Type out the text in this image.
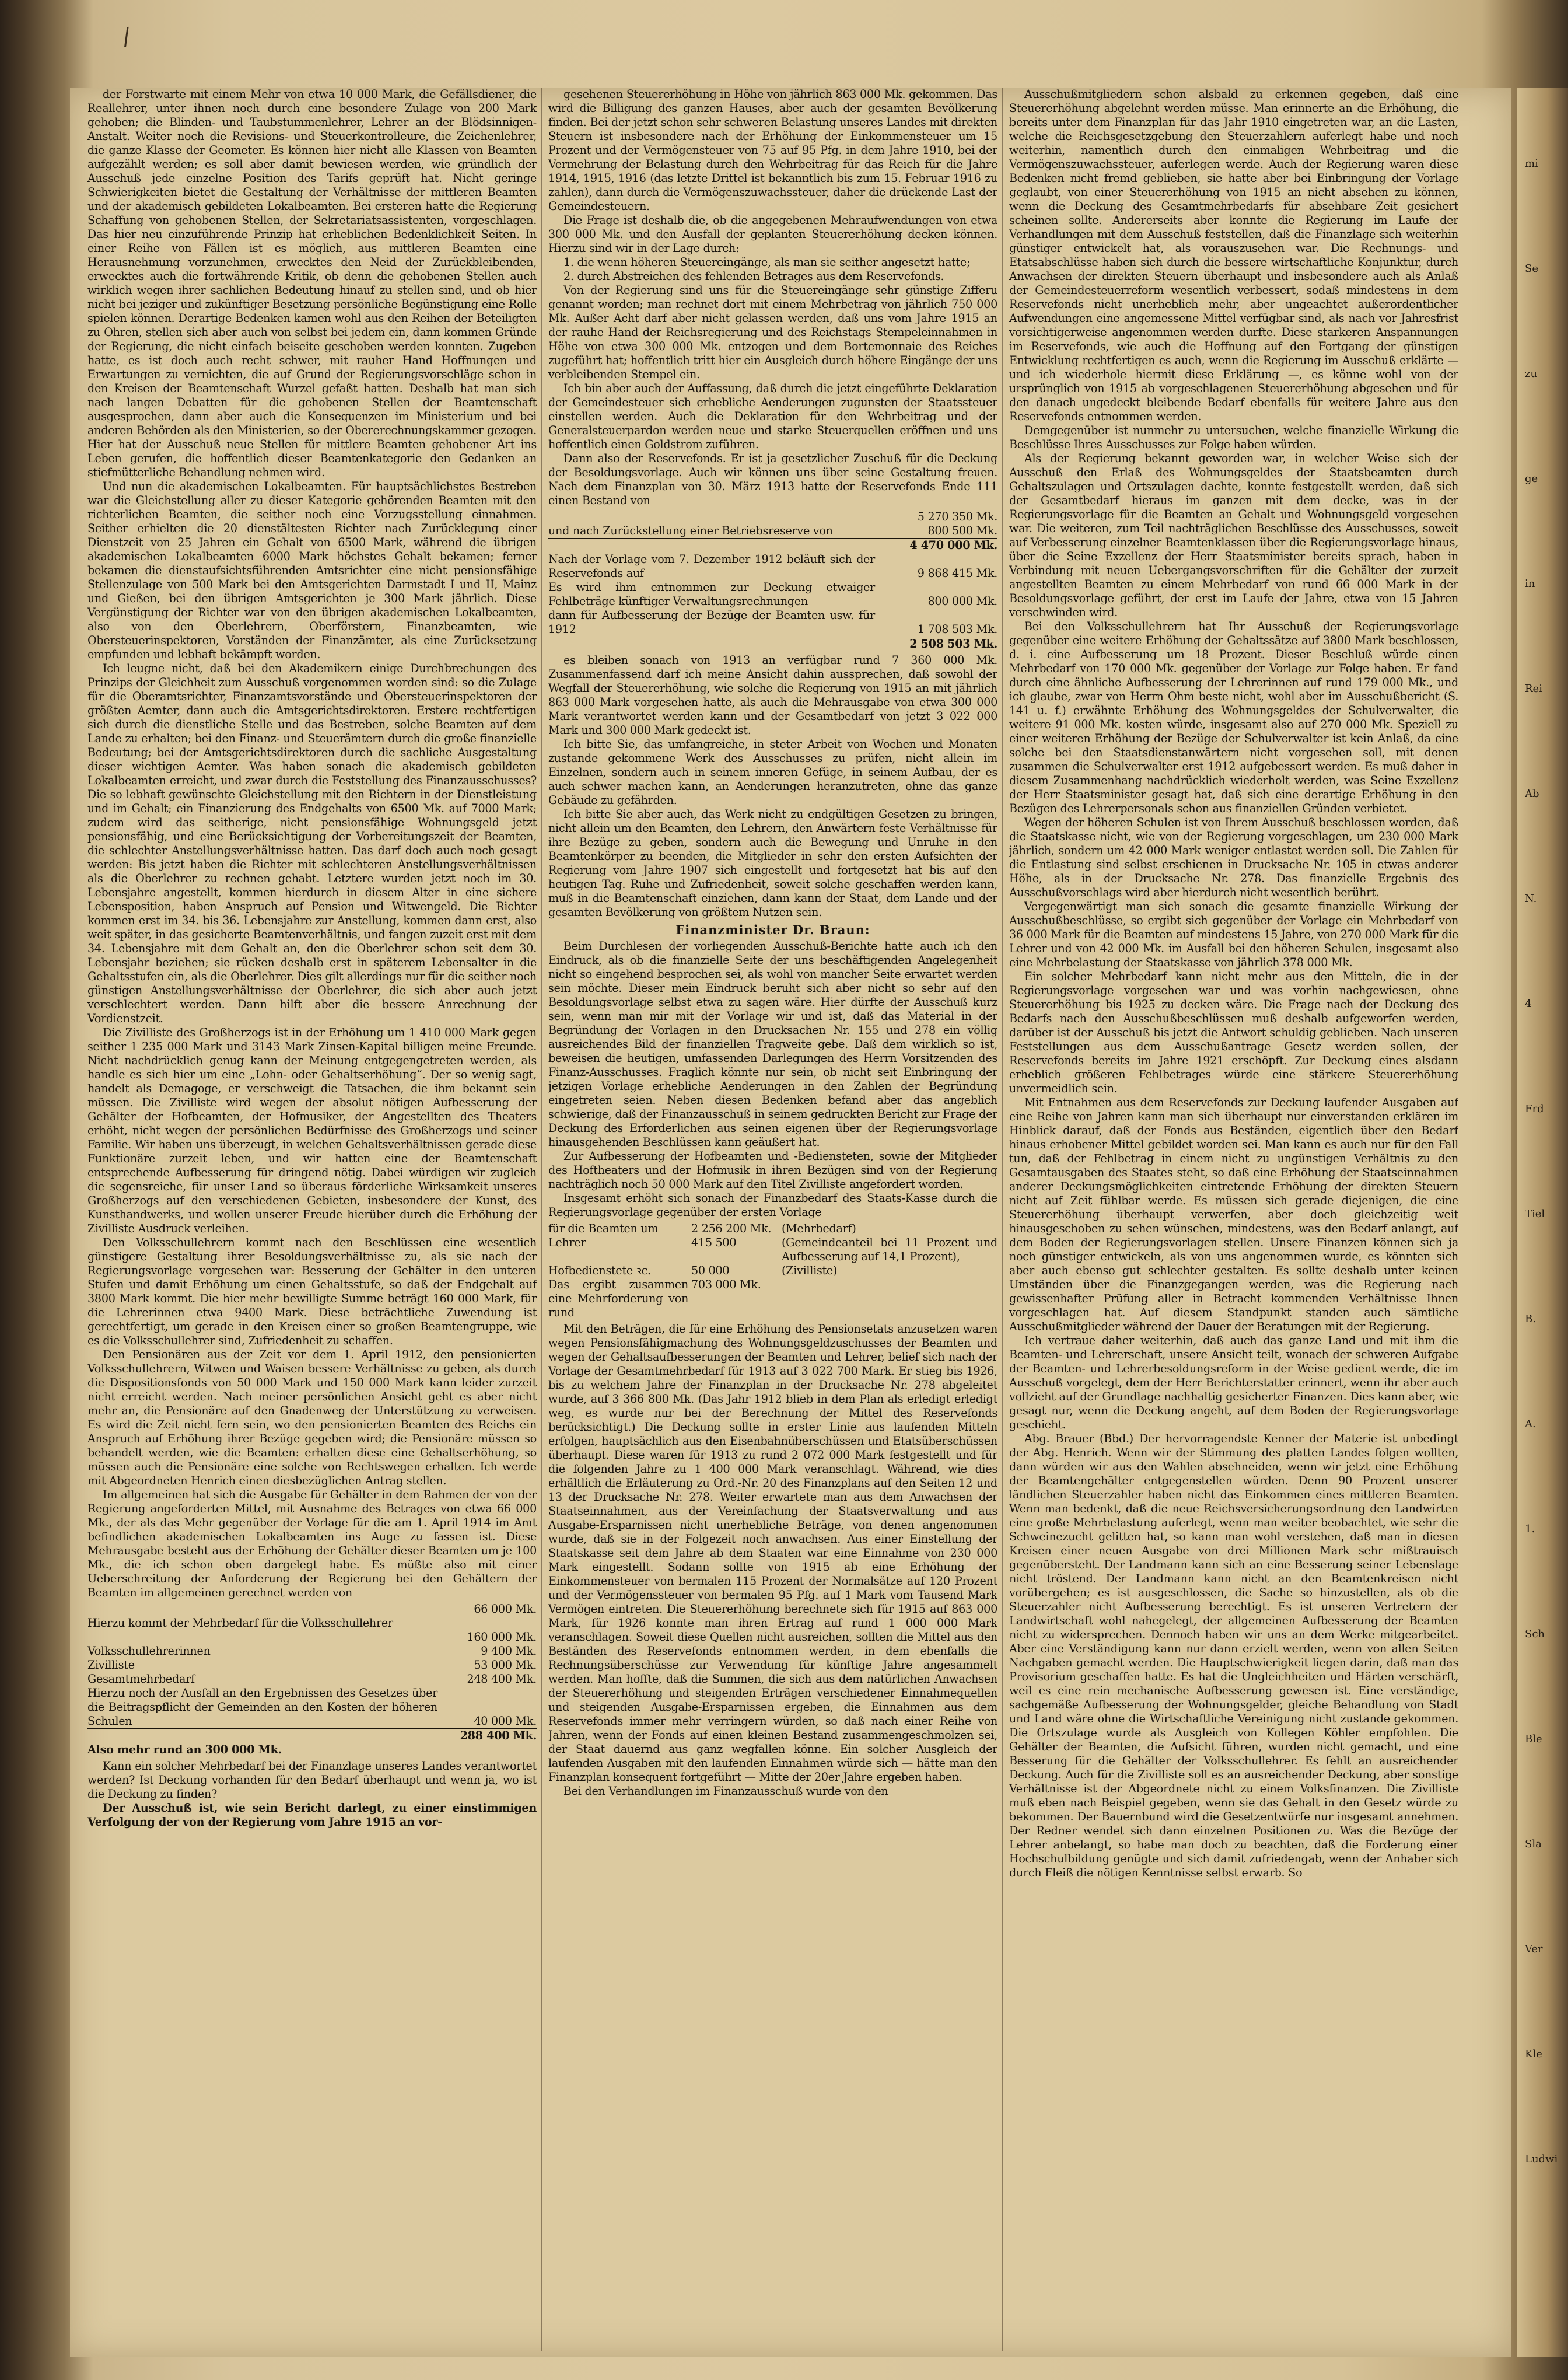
/

der Forstwarte mit einem Mehr von etwa 10 000 Mark, die Gefällsdiener, die Reallehrer, unter ihnen noch durch eine besondere Zulage von 200 Mark gehoben; die Blinden- und Taubstummenlehrer, Lehrer an der Blödsinnigen-Anstalt. Weiter noch die Revisions- und Steuerkontrolleure, die Zeichenlehrer, die ganze Klasse der Geometer. Es können hier nicht alle Klassen von Beamten aufgezählt werden; es soll aber damit bewiesen werden, wie gründlich der Ausschuß jede einzelne Position des Tarifs geprüft hat. Nicht geringe Schwierigkeiten bietet die Gestaltung der Verhältnisse der mittleren Beamten und der akademisch gebildeten Lokalbeamten. Bei ersteren hatte die Regierung Schaffung von gehobenen Stellen, der Sekretariatsassistenten, vorgeschlagen. Das hier neu einzuführende Prinzip hat erheblichen Bedenklichkeit Seiten. In einer Reihe von Fällen ist es möglich, aus mittleren Beamten eine Herausnehmung vorzunehmen, erwecktes den Neid der Zurückbleibenden, erwecktes auch die fortwährende Kritik, ob denn die gehobenen Stellen auch wirklich wegen ihrer sachlichen Bedeutung hinauf zu stellen sind, und ob hier nicht bei jeziger und zukünftiger Besetzung persönliche Begünstigung eine Rolle spielen können. Derartige Bedenken kamen wohl aus den Reihen der Beteiligten zu Ohren, stellen sich aber auch von selbst bei jedem ein, dann kommen Gründe der Regierung, die nicht einfach beiseite geschoben werden konnten. Zugeben hatte, es ist doch auch recht schwer, mit rauher Hand Hoffnungen und Erwartungen zu vernichten, die auf Grund der Regierungsvorschläge schon in den Kreisen der Beamtenschaft Wurzel gefaßt hatten. Deshalb hat man sich nach langen Debatten für die gehobenen Stellen der Beamtenschaft ausgesprochen, dann aber auch die Konsequenzen im Ministerium und bei anderen Behörden als den Ministerien, so der Obererechnungskammer gezogen. Hier hat der Ausschuß neue Stellen für mittlere Beamten gehobener Art ins Leben gerufen, die hoffentlich dieser Beamtenkategorie den Gedanken an stiefmütterliche Behandlung nehmen wird.

Und nun die akademischen Lokalbeamten. Für hauptsächlichstes Bestreben war die Gleichstellung aller zu dieser Kategorie gehörenden Beamten mit den richterlichen Beamten, die seither noch eine Vorzugsstellung einnahmen. Seither erhielten die 20 dienstältesten Richter nach Zurücklegung einer Dienstzeit von 25 Jahren ein Gehalt von 6500 Mark, während die übrigen akademischen Lokalbeamten 6000 Mark höchstes Gehalt bekamen; ferner bekamen die dienstaufsichtsführenden Amtsrichter eine nicht pensionsfähige Stellenzulage von 500 Mark bei den Amtsgerichten Darmstadt I und II, Mainz und Gießen, bei den übrigen Amtsgerichten je 300 Mark jährlich. Diese Vergünstigung der Richter war von den übrigen akademischen Lokalbeamten, also von den Oberlehrern, Oberförstern, Finanzbeamten, wie Obersteuerinspektoren, Vorständen der Finanzämter, als eine Zurücksetzung empfunden und lebhaft bekämpft worden.

Ich leugne nicht, daß bei den Akademikern einige Durchbrechungen des Prinzips der Gleichheit zum Ausschuß vorgenommen worden sind: so die Zulage für die Oberamtsrichter, Finanzamtsvorstände und Obersteuerinspektoren der größten Aemter, dann auch die Amtsgerichtsdirektoren. Erstere rechtfertigen sich durch die dienstliche Stelle und das Bestreben, solche Beamten auf dem Lande zu erhalten; bei den Finanz- und Steuerämtern durch die große finanzielle Bedeutung; bei der Amtsgerichtsdirektoren durch die sachliche Ausgestaltung dieser wichtigen Aemter. Was haben sonach die akademisch gebildeten Lokalbeamten erreicht, und zwar durch die Feststellung des Finanzausschusses? Die so lebhaft gewünschte Gleichstellung mit den Richtern in der Dienstleistung und im Gehalt; ein Finanzierung des Endgehalts von 6500 Mk. auf 7000 Mark; zudem wird das seitherige, nicht pensionsfähige Wohnungsgeld jetzt pensionsfähig, und eine Berücksichtigung der Vorbereitungszeit der Beamten, die schlechter Anstellungsverhältnisse hatten. Das darf doch auch noch gesagt werden: Bis jetzt haben die Richter mit schlechteren Anstellungsverhältnissen als die Oberlehrer zu rechnen gehabt. Letztere wurden jetzt noch im 30. Lebensjahre angestellt, kommen hierdurch in diesem Alter in eine sichere Lebensposition, haben Anspruch auf Pension und Witwengeld. Die Richter kommen erst im 34. bis 36. Lebensjahre zur Anstellung, kommen dann erst, also weit später, in das gesicherte Beamtenverhältnis, und fangen zuzeit erst mit dem 34. Lebensjahre mit dem Gehalt an, den die Oberlehrer schon seit dem 30. Lebensjahr beziehen; sie rücken deshalb erst in späterem Lebensalter in die Gehaltsstufen ein, als die Oberlehrer. Dies gilt allerdings nur für die seither noch günstigen Anstellungsverhältnisse der Oberlehrer, die sich aber auch jetzt verschlechtert werden. Dann hilft aber die bessere Anrechnung der Vordienstzeit.

Die Zivilliste des Großherzogs ist in der Erhöhung um 1 410 000 Mark gegen seither 1 235 000 Mark und 3143 Mark Zinsen-Kapital billigen meine Freunde. Nicht nachdrücklich genug kann der Meinung entgegengetreten werden, als handle es sich hier um eine „Lohn- oder Gehaltserhöhung“. Der so wenig sagt, handelt als Demagoge, er verschweigt die Tatsachen, die ihm bekannt sein müssen. Die Zivilliste wird wegen der absolut nötigen Aufbesserung der Gehälter der Hofbeamten, der Hofmusiker, der Angestellten des Theaters erhöht, nicht wegen der persönlichen Bedürfnisse des Großherzogs und seiner Familie. Wir haben uns überzeugt, in welchen Gehaltsverhältnissen gerade diese Funktionäre zurzeit leben, und wir hatten eine der Beamtenschaft entsprechende Aufbesserung für dringend nötig. Dabei würdigen wir zugleich die segensreiche, für unser Land so überaus förderliche Wirksamkeit unseres Großherzogs auf den verschiedenen Gebieten, insbesondere der Kunst, des Kunsthandwerks, und wollen unserer Freude hierüber durch die Erhöhung der Zivilliste Ausdruck verleihen.

Den Volksschullehrern kommt nach den Beschlüssen eine wesentlich günstigere Gestaltung ihrer Besoldungsverhältnisse zu, als sie nach der Regierungsvorlage vorgesehen war: Besserung der Gehälter in den unteren Stufen und damit Erhöhung um einen Gehaltsstufe, so daß der Endgehalt auf 3800 Mark kommt. Die hier mehr bewilligte Summe beträgt 160 000 Mark, für die Lehrerinnen etwa 9400 Mark. Diese beträchtliche Zuwendung ist gerechtfertigt, um gerade in den Kreisen einer so großen Beamtengruppe, wie es die Volksschullehrer sind, Zufriedenheit zu schaffen.

Den Pensionären aus der Zeit vor dem 1. April 1912, den pensionierten Volksschullehrern, Witwen und Waisen bessere Verhältnisse zu geben, als durch die Dispositionsfonds von 50 000 Mark und 150 000 Mark kann leider zurzeit nicht erreicht werden. Nach meiner persönlichen Ansicht geht es aber nicht mehr an, die Pensionäre auf den Gnadenweg der Unterstützung zu verweisen. Es wird die Zeit nicht fern sein, wo den pensionierten Beamten des Reichs ein Anspruch auf Erhöhung ihrer Bezüge gegeben wird; die Pensionäre müssen so behandelt werden, wie die Beamten: erhalten diese eine Gehaltserhöhung, so müssen auch die Pensionäre eine solche von Rechtswegen erhalten. Ich werde mit Abgeordneten Henrich einen diesbezüglichen Antrag stellen.

Im allgemeinen hat sich die Ausgabe für Gehälter in dem Rahmen der von der Regierung angeforderten Mittel, mit Ausnahme des Betrages von etwa 66 000 Mk., der als das Mehr gegenüber der Vorlage für die am 1. April 1914 im Amt befindlichen akademischen Lokalbeamten ins Auge zu fassen ist. Diese Mehrausgabe besteht aus der Erhöhung der Gehälter dieser Beamten um je 100 Mk., die ich schon oben dargelegt habe. Es müßte also mit einer Ueberschreitung der Anforderung der Regierung bei den Gehältern der Beamten im allgemeinen gerechnet werden von

66 000 Mk.
Hierzu kommt der Mehrbedarf für die Volksschullehrer
160 000 Mk.
Volksschullehrerinnen	9 400 Mk.
Zivilliste	53 000 Mk.
Gesamtmehrbedarf	248 400 Mk.
Hierzu noch der Ausfall an den Ergebnissen des Gesetzes über die Beitragspflicht der Gemeinden an den Kosten der höheren Schulen	40 000 Mk.
288 400 Mk.
Also mehr rund an 300 000 Mk.

Kann ein solcher Mehrbedarf bei der Finanzlage unseres Landes verantwortet werden? Ist Deckung vorhanden für den Bedarf überhaupt und wenn ja, wo ist die Deckung zu finden?

Der Ausschuß ist, wie sein Bericht darlegt, zu einer einstimmigen Verfolgung der von der Regierung vom Jahre 1915 an vor-

gesehenen Steuererhöhung in Höhe von jährlich 863 000 Mk. gekommen. Das wird die Billigung des ganzen Hauses, aber auch der gesamten Bevölkerung finden. Bei der jetzt schon sehr schweren Belastung unseres Landes mit direkten Steuern ist insbesondere nach der Erhöhung der Einkommensteuer um 15 Prozent und der Vermögensteuer von 75 auf 95 Pfg. in dem Jahre 1910, bei der Vermehrung der Belastung durch den Wehrbeitrag für das Reich für die Jahre 1914, 1915, 1916 (das letzte Drittel ist bekanntlich bis zum 15. Februar 1916 zu zahlen), dann durch die Vermögenszuwachssteuer, daher die drückende Last der Gemeindesteuern.

Die Frage ist deshalb die, ob die angegebenen Mehraufwendungen von etwa 300 000 Mk. und den Ausfall der geplanten Steuererhöhung decken können. Hierzu sind wir in der Lage durch:

1. die wenn höheren Steuereingänge, als man sie seither angesetzt hatte;

2. durch Abstreichen des fehlenden Betrages aus dem Reservefonds.

Von der Regierung sind uns für die Steuereingänge sehr günstige Zifferu genannt worden; man rechnet dort mit einem Mehrbetrag von jährlich 750 000 Mk. Außer Acht darf aber nicht gelassen werden, daß uns vom Jahre 1915 an der rauhe Hand der Reichsregierung und des Reichstags Stempeleinnahmen in Höhe von etwa 300 000 Mk. entzogen und dem Bortemonnaie des Reiches zugeführt hat; hoffentlich tritt hier ein Ausgleich durch höhere Eingänge der uns verbleibenden Stempel ein.

Ich bin aber auch der Auffassung, daß durch die jetzt eingeführte Deklaration der Gemeindesteuer sich erhebliche Aenderungen zugunsten der Staatssteuer einstellen werden. Auch die Deklaration für den Wehrbeitrag und der Generalsteuerpardon werden neue und starke Steuerquellen eröffnen und uns hoffentlich einen Goldstrom zuführen.

Dann also der Reservefonds. Er ist ja gesetzlicher Zuschuß für die Deckung der Besoldungsvorlage. Auch wir können uns über seine Gestaltung freuen. Nach dem Finanzplan von 30. März 1913 hatte der Reservefonds Ende 111 einen Bestand von

5 270 350 Mk.
und nach Zurückstellung einer Betriebsreserve von	800 500 Mk.
4 470 000 Mk.
Nach der Vorlage vom 7. Dezember 1912 beläuft sich der Reservefonds auf	9 868 415 Mk.
Es wird ihm entnommen zur Deckung etwaiger Fehlbeträge künftiger Verwaltungsrechnungen	800 000 Mk.
dann für Aufbesserung der Bezüge der Beamten usw. für 1912	1 708 503 Mk.
2 508 503 Mk.

es bleiben sonach von 1913 an verfügbar rund 7 360 000 Mk. Zusammenfassend darf ich meine Ansicht dahin aussprechen, daß sowohl der Wegfall der Steuererhöhung, wie solche die Regierung von 1915 an mit jährlich 863 000 Mark vorgesehen hatte, als auch die Mehrausgabe von etwa 300 000 Mark verantwortet werden kann und der Gesamtbedarf von jetzt 3 022 000 Mark und 300 000 Mark gedeckt ist.

Ich bitte Sie, das umfangreiche, in steter Arbeit von Wochen und Monaten zustande gekommene Werk des Ausschusses zu prüfen, nicht allein im Einzelnen, sondern auch in seinem inneren Gefüge, in seinem Aufbau, der es auch schwer machen kann, an Aenderungen heranzutreten, ohne das ganze Gebäude zu gefährden.

Ich bitte Sie aber auch, das Werk nicht zu endgültigen Gesetzen zu bringen, nicht allein um den Beamten, den Lehrern, den Anwärtern feste Verhältnisse für ihre Bezüge zu geben, sondern auch die Bewegung und Unruhe in den Beamtenkörper zu beenden, die Mitglieder in sehr den ersten Aufsichten der Regierung vom Jahre 1907 sich eingestellt und fortgesetzt hat bis auf den heutigen Tag. Ruhe und Zufriedenheit, soweit solche geschaffen werden kann, muß in die Beamtenschaft einziehen, dann kann der Staat, dem Lande und der gesamten Bevölkerung von größtem Nutzen sein.

Finanzminister Dr. Braun:

Beim Durchlesen der vorliegenden Ausschuß-Berichte hatte auch ich den Eindruck, als ob die finanzielle Seite der uns beschäftigenden Angelegenheit nicht so eingehend besprochen sei, als wohl von mancher Seite erwartet werden sein möchte. Dieser mein Eindruck beruht sich aber nicht so sehr auf den Besoldungsvorlage selbst etwa zu sagen wäre. Hier dürfte der Ausschuß kurz sein, wenn man mir mit der Vorlage wir und ist, daß das Material in der Begründung der Vorlagen in den Drucksachen Nr. 155 und 278 ein völlig ausreichendes Bild der finanziellen Tragweite gebe. Daß dem wirklich so ist, beweisen die heutigen, umfassenden Darlegungen des Herrn Vorsitzenden des Finanz-Ausschusses. Fraglich könnte nur sein, ob nicht seit Einbringung der jetzigen Vorlage erhebliche Aenderungen in den Zahlen der Begründung eingetreten seien. Neben diesen Bedenken befand aber das angeblich schwierige, daß der Finanzausschuß in seinem gedruckten Bericht zur Frage der Deckung des Erforderlichen aus seinen eigenen über der Regierungsvorlage hinausgehenden Beschlüssen kann geäußert hat.

Zur Aufbesserung der Hofbeamten und -Bediensteten, sowie der Mitglieder des Hoftheaters und der Hofmusik in ihren Bezügen sind von der Regierung nachträglich noch 50 000 Mark auf den Titel Zivilliste angefordert worden.

Insgesamt erhöht sich sonach der Finanzbedarf des Staats-Kasse durch die Regierungsvorlage gegenüber der ersten Vorlage

für die Beamten um	2 256 200 Mk. (Mehrbedarf)
Lehrer	415 500	(Gemeindeanteil bei 11 Prozent und Aufbesserung auf 14,1 Prozent),
Hofbedienstete ꝛc.	50 000	(Zivilliste)
Das ergibt zusammen eine Mehrforderung von rund
703 000 Mk.

Mit den Beträgen, die für eine Erhöhung des Pensionsetats anzusetzen waren wegen Pensionsfähigmachung des Wohnungsgeldzuschusses der Beamten und wegen der Gehaltsaufbesserungen der Beamten und Lehrer, belief sich nach der Vorlage der Gesamtmehrbedarf für 1913 auf 3 022 700 Mark. Er stieg bis 1926, bis zu welchem Jahre der Finanzplan in der Drucksache Nr. 278 abgeleitet wurde, auf 3 366 800 Mk. (Das Jahr 1912 blieb in dem Plan als erledigt erledigt weg, es wurde nur bei der Berechnung der Mittel des Reservefonds berücksichtigt.) Die Deckung sollte in erster Linie aus laufenden Mitteln erfolgen, hauptsächlich aus den Eisenbahnüberschüssen und Etatsüberschüssen überhaupt. Diese waren für 1913 zu rund 2 072 000 Mark festgestellt und für die folgenden Jahre zu 1 400 000 Mark veranschlagt. Während, wie dies erhältlich die Erläuterung zu Ord.-Nr. 20 des Finanzplans auf den Seiten 12 und 13 der Drucksache Nr. 278. Weiter erwartete man aus dem Anwachsen der Staatseinnahmen, aus der Vereinfachung der Staatsverwaltung und aus Ausgabe-Ersparnissen nicht unerhebliche Beträge, von denen angenommen wurde, daß sie in der Folgezeit noch anwachsen. Aus einer Einstellung der Staatskasse seit dem Jahre ab dem Staaten war eine Einnahme von 230 000 Mark eingestellt. Sodann sollte von 1915 ab eine Erhöhung der Einkommensteuer von bermalen 115 Prozent der Normalsätze auf 120 Prozent und der Vermögenssteuer von bermalen 95 Pfg. auf 1 Mark vom Tausend Mark Vermögen eintreten. Die Steuererhöhung berechnete sich für 1915 auf 863 000 Mark, für 1926 konnte man ihren Ertrag auf rund 1 000 000 Mark veranschlagen. Soweit diese Quellen nicht ausreichen, sollten die Mittel aus den Beständen des Reservefonds entnommen werden, in dem ebenfalls die Rechnungsüberschüsse zur Verwendung für künftige Jahre angesammelt werden. Man hoffte, daß die Summen, die sich aus dem natürlichen Anwachsen der Steuererhöhung und steigenden Erträgen verschiedener Einnahmequellen und steigenden Ausgabe-Ersparnissen ergeben, die Einnahmen aus dem Reservefonds immer mehr verringern würden, so daß nach einer Reihe von Jahren, wenn der Fonds auf einen kleinen Bestand zusammengeschmolzen sei, der Staat dauernd aus ganz wegfallen könne. Ein solcher Ausgleich der laufenden Ausgaben mit den laufenden Einnahmen würde sich — hätte man den Finanzplan konsequent fortgeführt — Mitte der 20er Jahre ergeben haben.

Bei den Verhandlungen im Finanzausschuß wurde von den

Ausschußmitgliedern schon alsbald zu erkennen gegeben, daß eine Steuererhöhung abgelehnt werden müsse. Man erinnerte an die Erhöhung, die bereits unter dem Finanzplan für das Jahr 1910 eingetreten war, an die Lasten, welche die Reichsgesetzgebung den Steuerzahlern auferlegt habe und noch weiterhin, namentlich durch den einmaligen Wehrbeitrag und die Vermögenszuwachssteuer, auferlegen werde. Auch der Regierung waren diese Bedenken nicht fremd geblieben, sie hatte aber bei Einbringung der Vorlage geglaubt, von einer Steuererhöhung von 1915 an nicht absehen zu können, wenn die Deckung des Gesamtmehrbedarfs für absehbare Zeit gesichert scheinen sollte. Andererseits aber konnte die Regierung im Laufe der Verhandlungen mit dem Ausschuß feststellen, daß die Finanzlage sich weiterhin günstiger entwickelt hat, als vorauszusehen war. Die Rechnungs- und Etatsabschlüsse haben sich durch die bessere wirtschaftliche Konjunktur, durch Anwachsen der direkten Steuern überhaupt und insbesondere auch als Anlaß der Gemeindesteuerreform wesentlich verbessert, sodaß mindestens in dem Reservefonds nicht unerheblich mehr, aber ungeachtet außerordentlicher Aufwendungen eine angemessene Mittel verfügbar sind, als nach vor Jahresfrist vorsichtigerweise angenommen werden durfte. Diese starkeren Anspannungen im Reservefonds, wie auch die Hoffnung auf den Fortgang der günstigen Entwicklung rechtfertigen es auch, wenn die Regierung im Ausschuß erklärte — und ich wiederhole hiermit diese Erklärung —, es könne wohl von der ursprünglich von 1915 ab vorgeschlagenen Steuererhöhung abgesehen und für den danach ungedeckt bleibende Bedarf ebenfalls für weitere Jahre aus den Reservefonds entnommen werden.

Demgegenüber ist nunmehr zu untersuchen, welche finanzielle Wirkung die Beschlüsse Ihres Ausschusses zur Folge haben würden.

Als der Regierung bekannt geworden war, in welcher Weise sich der Ausschuß den Erlaß des Wohnungsgeldes der Staatsbeamten durch Gehaltszulagen und Ortszulagen dachte, konnte festgestellt werden, daß sich der Gesamtbedarf hieraus im ganzen mit dem decke, was in der Regierungsvorlage für die Beamten an Gehalt und Wohnungsgeld vorgesehen war. Die weiteren, zum Teil nachträglichen Beschlüsse des Ausschusses, soweit auf Verbesserung einzelner Beamtenklassen über die Regierungsvorlage hinaus, über die Seine Exzellenz der Herr Staatsminister bereits sprach, haben in Verbindung mit neuen Uebergangsvorschriften für die Gehälter der zurzeit angestellten Beamten zu einem Mehrbedarf von rund 66 000 Mark in der Besoldungsvorlage geführt, der erst im Laufe der Jahre, etwa von 15 Jahren verschwinden wird.

Bei den Volksschullehrern hat Ihr Ausschuß der Regierungsvorlage gegenüber eine weitere Erhöhung der Gehaltssätze auf 3800 Mark beschlossen, d. i. eine Aufbesserung um 18 Prozent. Dieser Beschluß würde einen Mehrbedarf von 170 000 Mk. gegenüber der Vorlage zur Folge haben. Er fand durch eine ähnliche Aufbesserung der Lehrerinnen auf rund 179 000 Mk., und ich glaube, zwar von Herrn Ohm beste nicht, wohl aber im Ausschußbericht (S. 141 u. f.) erwähnte Erhöhung des Wohnungsgeldes der Schulverwalter, die weitere 91 000 Mk. kosten würde, insgesamt also auf 270 000 Mk. Speziell zu einer weiteren Erhöhung der Bezüge der Schulverwalter ist kein Anlaß, da eine solche bei den Staatsdienstanwärtern nicht vorgesehen soll, mit denen zusammen die Schulverwalter erst 1912 aufgebessert werden. Es muß daher in diesem Zusammenhang nachdrücklich wiederholt werden, was Seine Exzellenz der Herr Staatsminister gesagt hat, daß sich eine derartige Erhöhung in den Bezügen des Lehrerpersonals schon aus finanziellen Gründen verbietet.

Wegen der höheren Schulen ist von Ihrem Ausschuß beschlossen worden, daß die Staatskasse nicht, wie von der Regierung vorgeschlagen, um 230 000 Mark jährlich, sondern um 42 000 Mark weniger entlastet werden soll. Die Zahlen für die Entlastung sind selbst erschienen in Drucksache Nr. 105 in etwas anderer Höhe, als in der Drucksache Nr. 278. Das finanzielle Ergebnis des Ausschußvorschlags wird aber hierdurch nicht wesentlich berührt.

Vergegenwärtigt man sich sonach die gesamte finanzielle Wirkung der Ausschußbeschlüsse, so ergibt sich gegenüber der Vorlage ein Mehrbedarf von 36 000 Mark für die Beamten auf mindestens 15 Jahre, von 270 000 Mark für die Lehrer und von 42 000 Mk. im Ausfall bei den höheren Schulen, insgesamt also eine Mehrbelastung der Staatskasse von jährlich 378 000 Mk.

Ein solcher Mehrbedarf kann nicht mehr aus den Mitteln, die in der Regierungsvorlage vorgesehen war und was vorhin nachgewiesen, ohne Steuererhöhung bis 1925 zu decken wäre. Die Frage nach der Deckung des Bedarfs nach den Ausschußbeschlüssen muß deshalb aufgeworfen werden, darüber ist der Ausschuß bis jetzt die Antwort schuldig geblieben. Nach unseren Feststellungen aus dem Ausschußantrage Gesetz werden sollen, der Reservefonds bereits im Jahre 1921 erschöpft. Zur Deckung eines alsdann erheblich größeren Fehlbetrages würde eine stärkere Steuererhöhung unvermeidlich sein.

Mit Entnahmen aus dem Reservefonds zur Deckung laufender Ausgaben auf eine Reihe von Jahren kann man sich überhaupt nur einverstanden erklären im Hinblick darauf, daß der Fonds aus Beständen, eigentlich über den Bedarf hinaus erhobener Mittel gebildet worden sei. Man kann es auch nur für den Fall tun, daß der Fehlbetrag in einem nicht zu ungünstigen Verhältnis zu den Gesamtausgaben des Staates steht, so daß eine Erhöhung der Staatseinnahmen anderer Deckungsmöglichkeiten eintretende Erhöhung der direkten Steuern nicht auf Zeit fühlbar werde. Es müssen sich gerade diejenigen, die eine Steuererhöhung überhaupt verwerfen, aber doch gleichzeitig weit hinausgeschoben zu sehen wünschen, mindestens, was den Bedarf anlangt, auf dem Boden der Regierungsvorlagen stellen. Unsere Finanzen können sich ja noch günstiger entwickeln, als von uns angenommen wurde, es könnten sich aber auch ebenso gut schlechter gestalten. Es sollte deshalb unter keinen Umständen über die Finanzgegangen werden, was die Regierung nach gewissenhafter Prüfung aller in Betracht kommenden Verhältnisse Ihnen vorgeschlagen hat. Auf diesem Standpunkt standen auch sämtliche Ausschußmitglieder während der Dauer der Beratungen mit der Regierung.

Ich vertraue daher weiterhin, daß auch das ganze Land und mit ihm die Beamten- und Lehrerschaft, unsere Ansicht teilt, wonach der schweren Aufgabe der Beamten- und Lehrerbesoldungsreform in der Weise gedient werde, die im Ausschuß vorgelegt, dem der Herr Berichterstatter erinnert, wenn ihr aber auch vollzieht auf der Grundlage nachhaltig gesicherter Finanzen. Dies kann aber, wie gesagt nur, wenn die Deckung angeht, auf dem Boden der Regierungsvorlage geschieht.

Abg. Brauer (Bbd.) Der hervorragendste Kenner der Materie ist unbedingt der Abg. Henrich. Wenn wir der Stimmung des platten Landes folgen wollten, dann würden wir aus den Wahlen absehneiden, wenn wir jetzt eine Erhöhung der Beamtengehälter entgegenstellen würden. Denn 90 Prozent unserer ländlichen Steuerzahler haben nicht das Einkommen eines mittleren Beamten. Wenn man bedenkt, daß die neue Reichsversicherungsordnung den Landwirten eine große Mehrbelastung auferlegt, wenn man weiter beobachtet, wie sehr die Schweinezucht gelitten hat, so kann man wohl verstehen, daß man in diesen Kreisen einer neuen Ausgabe von drei Millionen Mark sehr mißtrauisch gegenübersteht. Der Landmann kann sich an eine Besserung seiner Lebenslage nicht tröstend. Der Landmann kann nicht an den Beamtenkreisen nicht vorübergehen; es ist ausgeschlossen, die Sache so hinzustellen, als ob die Steuerzahler nicht Aufbesserung berechtigt. Es ist unseren Vertretern der Landwirtschaft wohl nahegelegt, der allgemeinen Aufbesserung der Beamten nicht zu widersprechen. Dennoch haben wir uns an dem Werke mitgearbeitet. Aber eine Verständigung kann nur dann erzielt werden, wenn von allen Seiten Nachgaben gemacht werden. Die Hauptschwierigkeit liegen darin, daß man das Provisorium geschaffen hatte. Es hat die Ungleichheiten und Härten verschärft, weil es eine rein mechanische Aufbesserung gewesen ist. Eine verständige, sachgemäße Aufbesserung der Wohnungsgelder, gleiche Behandlung von Stadt und Land wäre ohne die Wirtschaftliche Vereinigung nicht zustande gekommen. Die Ortszulage wurde als Ausgleich von Kollegen Köhler empfohlen. Die Gehälter der Beamten, die Aufsicht führen, wurden nicht gemacht, und eine Besserung für die Gehälter der Volksschullehrer. Es fehlt an ausreichender Deckung. Auch für die Zivilliste soll es an ausreichender Deckung, aber sonstige Verhältnisse ist der Abgeordnete nicht zu einem Volksfinanzen. Die Zivilliste muß eben nach Beispiel gegeben, wenn sie das Gehalt in den Gesetz würde zu bekommen. Der Bauernbund wird die Gesetzentwürfe nur insgesamt annehmen. Der Redner wendet sich dann einzelnen Positionen zu. Was die Bezüge der Lehrer anbelangt, so habe man doch zu beachten, daß die Forderung einer Hochschulbildung genügte und sich damit zufriedengab, wenn der Anhaber sich durch Fleiß die nötigen Kenntnisse selbst erwarb. So

mi
Se
zu
ge
in
Rei
Ab
N.
4
Frd
Tiel
B.
A.
1.
Sch
Ble
Sla
Ver
Kle
Ludwi
